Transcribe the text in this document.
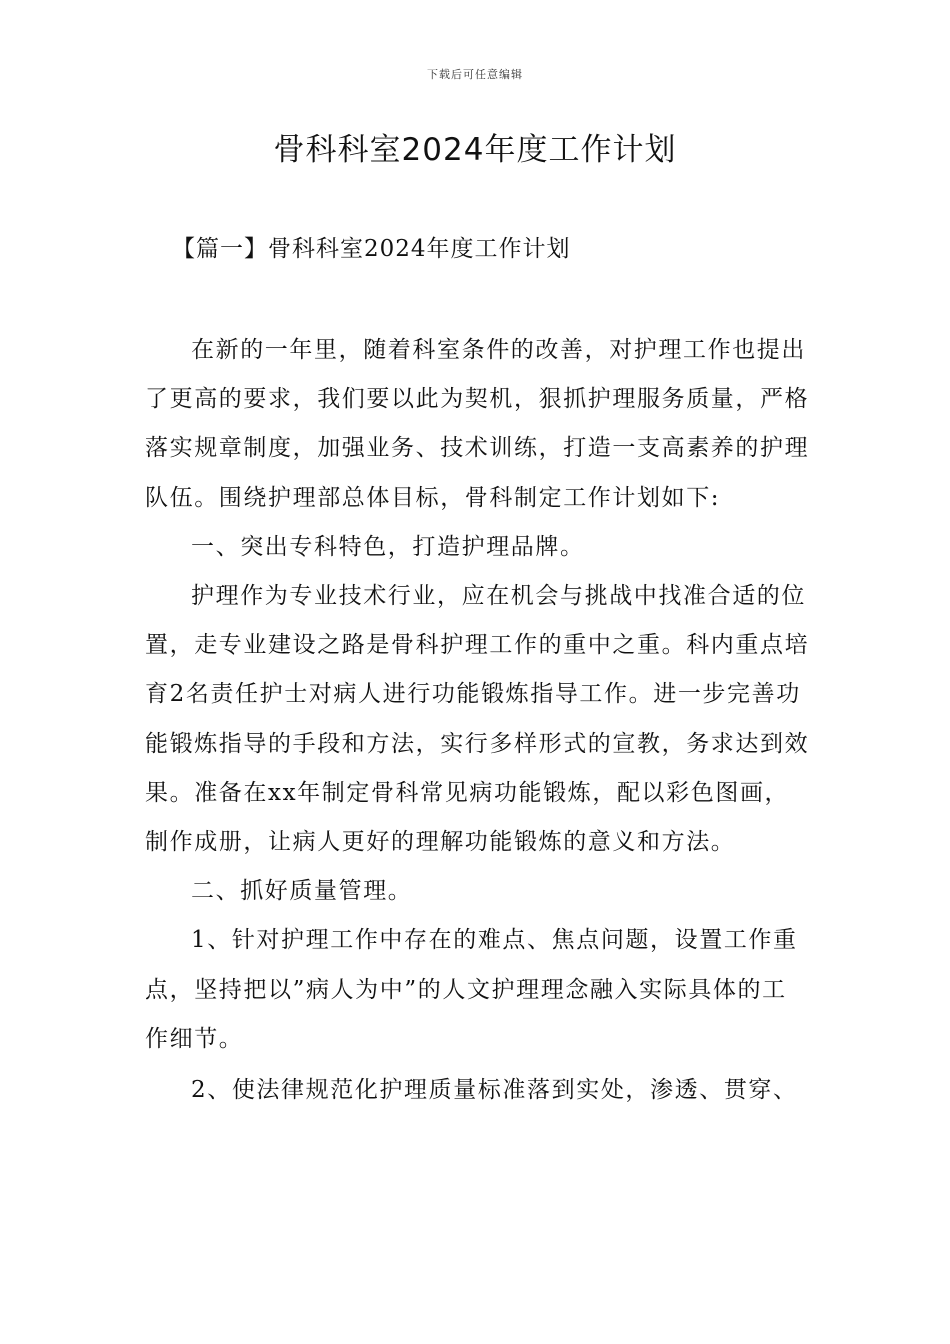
下载后可任意编辑
骨科科室2024年度工作计划
【篇一】骨科科室2024年度工作计划

在新的一年里，随着科室条件的改善，对护理工作也提出了更高的要求，我们要以此为契机，狠抓护理服务质量，严格落实规章制度，加强业务、技术训练，打造一支高素养的护理队伍。围绕护理部总体目标，骨科制定工作计划如下:

一、突出专科特色，打造护理品牌。

护理作为专业技术行业，应在机会与挑战中找准合适的位置，走专业建设之路是骨科护理工作的重中之重。科内重点培育2名责任护士对病人进行功能锻炼指导工作。进一步完善功能锻炼指导的手段和方法，实行多样形式的宣教，务求达到效果。准备在xx年制定骨科常见病功能锻炼，配以彩色图画，制作成册，让病人更好的理解功能锻炼的意义和方法。

二、抓好质量管理。

1、针对护理工作中存在的难点、焦点问题，设置工作重点，坚持把以”病人为中”的人文护理理念融入实际具体的工作细节。

2、使法律规范化护理质量标准落到实处，渗透、贯穿、
